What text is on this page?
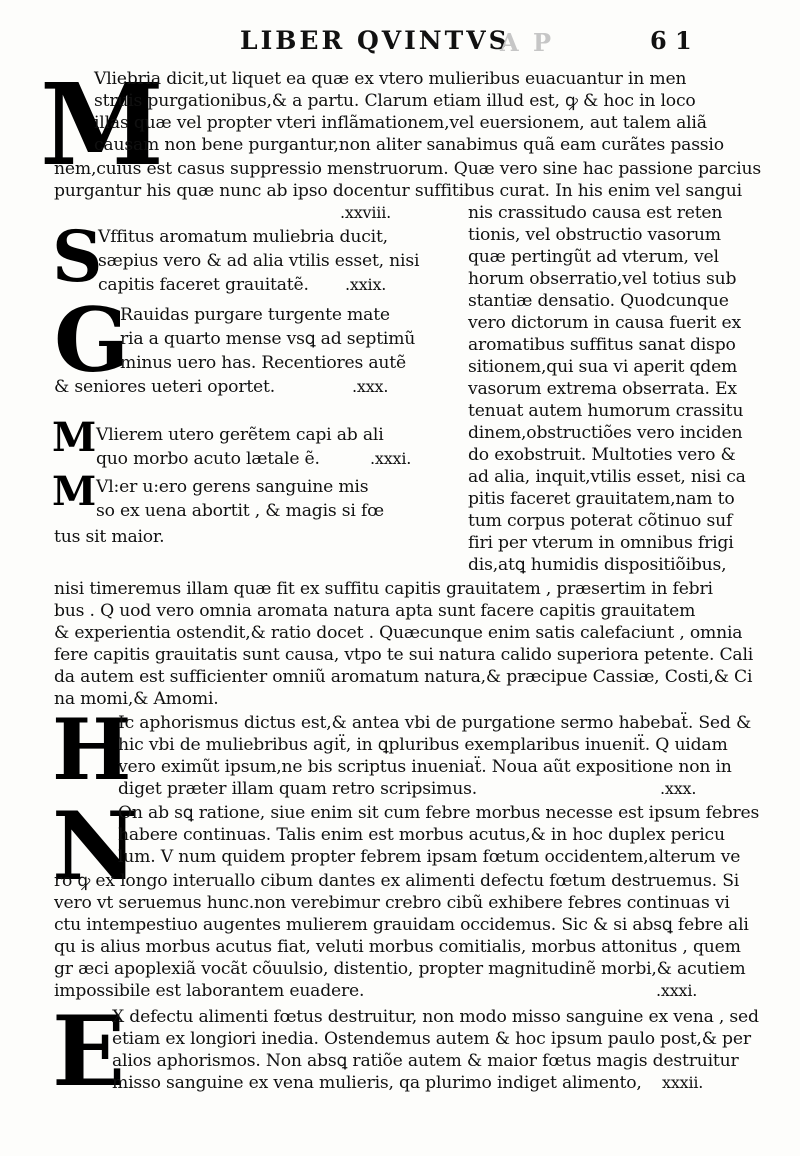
LIBER QVINTVS
A P	6 1
M
S
G
M
M
H
N
E
Vliebria dicit,ut liquet ea quæ ex vtero mulieribus euacuantur in men
struis purgationibus,& a partu. Clarum etiam illud est, ꝙ & hoc in loco
illas quæ vel propter vteri inflãmationem,vel euersionem, aut talem aliã
causam non bene purgantur,non aliter sanabimus quã eam curãtes passio
nem,cuius est casus suppressio menstruorum. Quæ vero sine hac passione parcius
purgantur his quæ nunc ab ipso docentur suffitibus curat. In his enim vel sangui
.xxviii.	nis crassitudo causa est reten
Vffitus aromatum muliebria ducit,	tionis, vel obstructio vasorum
sæpius vero & ad alia vtilis esset, nisi	quæ pertingũt ad vterum, vel
capitis faceret grauitatẽ. .xxix.	horum obserratio,vel totius sub
stantiæ densatio. Quodcunque
Rauidas purgare turgente mate	vero dictorum in causa fuerit ex
ria a quarto mense vsꝗ ad septimũ	aromatibus suffitus sanat dispo
minus uero has. Recentiores autẽ	sitionem,qui sua vi aperit qdem
& seniores ueteri oportet.	.xxx.	vasorum extrema obserrata. Ex
tenuat autem humorum crassitu
Vlierem utero gerẽtem capi ab ali	dinem,obstructiões vero inciden
quo morbo acuto lætale ẽ.	.xxxi.	do exobstruit. Multoties vero &
ad alia, inquit,vtilis esset, nisi ca
Vl:er u:ero gerens sanguine mis
pitis faceret grauitatem,nam to
so ex uena abortit , & magis si fœ	tum corpus poterat cõtinuo suf
tus sit maior.	firi per vterum in omnibus frigi
dis,atꝗ humidis dispositiõibus,
nisi timeremus illam quæ fit ex suffitu capitis grauitatem , præsertim in febri
bus . Q uod vero omnia aromata natura apta sunt facere capitis grauitatem
& experientia ostendit,& ratio docet . Quæcunque enim satis calefaciunt , omnia
fere capitis grauitatis sunt causa, vtpo te sui natura calido superiora petente. Cali
da autem est sufficienter omniũ aromatum natura,& præcipue Cassiæ, Costi,& Ci
na momi,& Amomi.
Ic aphorismus dictus est,& antea vbi de purgatione sermo habebaẗ. Sed &
hic vbi de muliebribus agiẗ, in ꝗpluribus exemplaribus inueniẗ. Q uidam
vero eximũt ipsum,ne bis scriptus inueniaẗ. Noua aũt expositione non in
diget præter illam quam retro scripsimus.	.xxx.
On ab sꝗ ratione, siue enim sit cum febre morbus necesse est ipsum febres
habere continuas. Talis enim est morbus acutus,& in hoc duplex pericu
lum. V num quidem propter febrem ipsam fœtum occidentem,alterum ve
ro ꝙ ex longo interuallo cibum dantes ex alimenti defectu fœtum destruemus. Si
vero vt seruemus hunc.non verebimur crebro cibũ exhibere febres continuas vi
ctu intempestiuo augentes mulierem grauidam occidemus. Sic & si absꝗ febre ali
qu is alius morbus acutus fiat, veluti morbus comitialis, morbus attonitus , quem
gr æci apoplexiã vocãt cõuulsio, distentio, propter magnitudinẽ morbi,& acutiem
impossibile est laborantem euadere.	.xxxi.
X defectu alimenti fœtus destruitur, non modo misso sanguine ex vena , sed
etiam ex longiori inedia. Ostendemus autem & hoc ipsum paulo post,& per
alios aphorismos. Non absꝗ ratiõe autem & maior fœtus magis destruitur
misso sanguine ex vena mulieris, qa plurimo indiget alimento, xxxii.
